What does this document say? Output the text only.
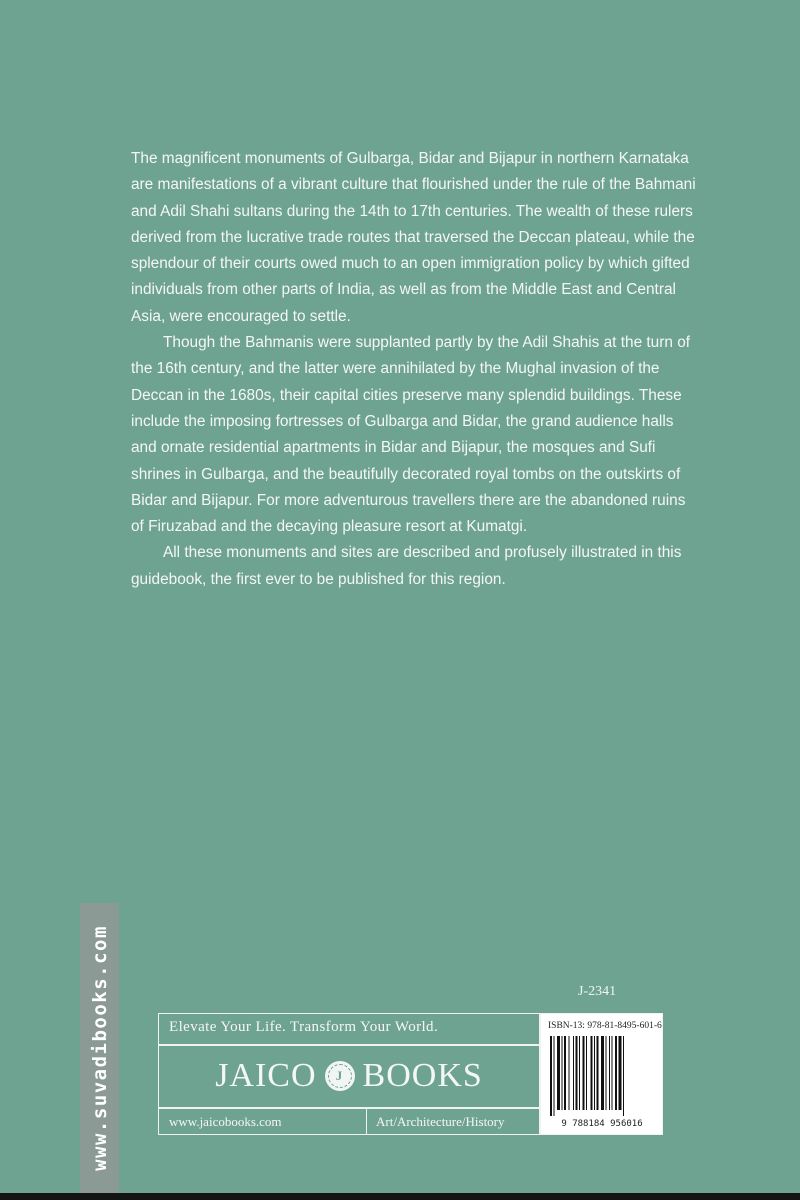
The magnificent monuments of Gulbarga, Bidar and Bijapur in northern Karnataka are manifestations of a vibrant culture that flourished under the rule of the Bahmani and Adil Shahi sultans during the 14th to 17th centuries. The wealth of these rulers derived from the lucrative trade routes that traversed the Deccan plateau, while the splendour of their courts owed much to an open immigration policy by which gifted individuals from other parts of India, as well as from the Middle East and Central Asia, were encouraged to settle.

Though the Bahmanis were supplanted partly by the Adil Shahis at the turn of the 16th century, and the latter were annihilated by the Mughal invasion of the Deccan in the 1680s, their capital cities preserve many splendid buildings. These include the imposing fortresses of Gulbarga and Bidar, the grand audience halls and ornate residential apartments in Bidar and Bijapur, the mosques and Sufi shrines in Gulbarga, and the beautifully decorated royal tombs on the outskirts of Bidar and Bijapur. For more adventurous travellers there are the abandoned ruins of Firuzabad and the decaying pleasure resort at Kumatgi.

All these monuments and sites are described and profusely illustrated in this guidebook, the first ever to be published for this region.

www.suvadibooks.com	J-2341
Elevate Your Life. Transform Your World.
JAICO J BOOKS
www.jaicobooks.com	Art/Architecture/History
ISBN-13: 978-81-8495-601-6
9 788184 956016
